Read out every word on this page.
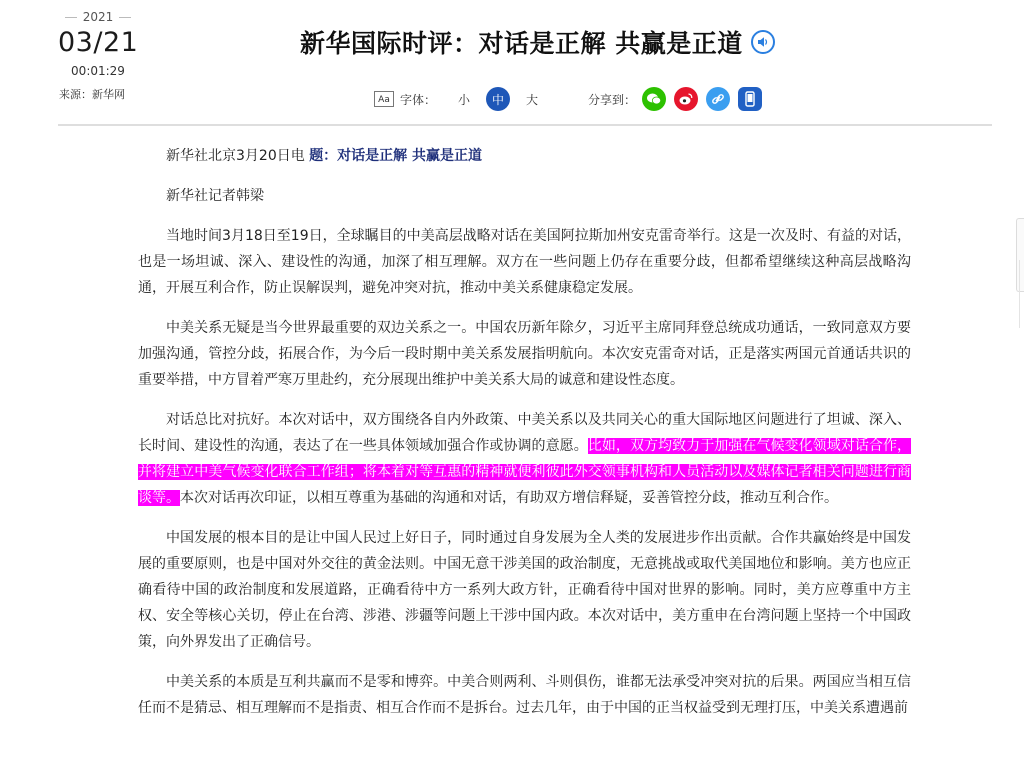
2021
03/21
00:01:29
来源：新华网
新华国际时评：对话是正解 共赢是正道
Aa 字体：	小	中	大	分享到：

新华社北京3月20日电 题：对话是正解 共赢是正道

新华社记者韩梁

当地时间3月18日至19日，全球瞩目的中美高层战略对话在美国阿拉斯加州安克雷奇举行。这是一次及时、有益的对话，也是一场坦诚、深入、建设性的沟通，加深了相互理解。双方在一些问题上仍存在重要分歧，但都希望继续这种高层战略沟通，开展互利合作，防止误解误判，避免冲突对抗，推动中美关系健康稳定发展。

中美关系无疑是当今世界最重要的双边关系之一。中国农历新年除夕，习近平主席同拜登总统成功通话，一致同意双方要加强沟通，管控分歧，拓展合作，为今后一段时期中美关系发展指明航向。本次安克雷奇对话，正是落实两国元首通话共识的重要举措，中方冒着严寒万里赴约，充分展现出维护中美关系大局的诚意和建设性态度。

对话总比对抗好。本次对话中，双方围绕各自内外政策、中美关系以及共同关心的重大国际地区问题进行了坦诚、深入、长时间、建设性的沟通，表达了在一些具体领域加强合作或协调的意愿。比如，双方均致力于加强在气候变化领域对话合作，并将建立中美气候变化联合工作组；将本着对等互惠的精神就便利彼此外交领事机构和人员活动以及媒体记者相关问题进行商谈等。本次对话再次印证，以相互尊重为基础的沟通和对话，有助双方增信释疑，妥善管控分歧，推动互利合作。

中国发展的根本目的是让中国人民过上好日子，同时通过自身发展为全人类的发展进步作出贡献。合作共赢始终是中国发展的重要原则，也是中国对外交往的黄金法则。中国无意干涉美国的政治制度，无意挑战或取代美国地位和影响。美方也应正确看待中国的政治制度和发展道路，正确看待中方一系列大政方针，正确看待中国对世界的影响。同时，美方应尊重中方主权、安全等核心关切，停止在台湾、涉港、涉疆等问题上干涉中国内政。本次对话中，美方重申在台湾问题上坚持一个中国政策，向外界发出了正确信号。

中美关系的本质是互利共赢而不是零和博弈。中美合则两利、斗则俱伤，谁都无法承受冲突对抗的后果。两国应当相互信任而不是猜忌、相互理解而不是指责、相互合作而不是拆台。过去几年，由于中国的正当权益受到无理打压，中美关系遭遇前
